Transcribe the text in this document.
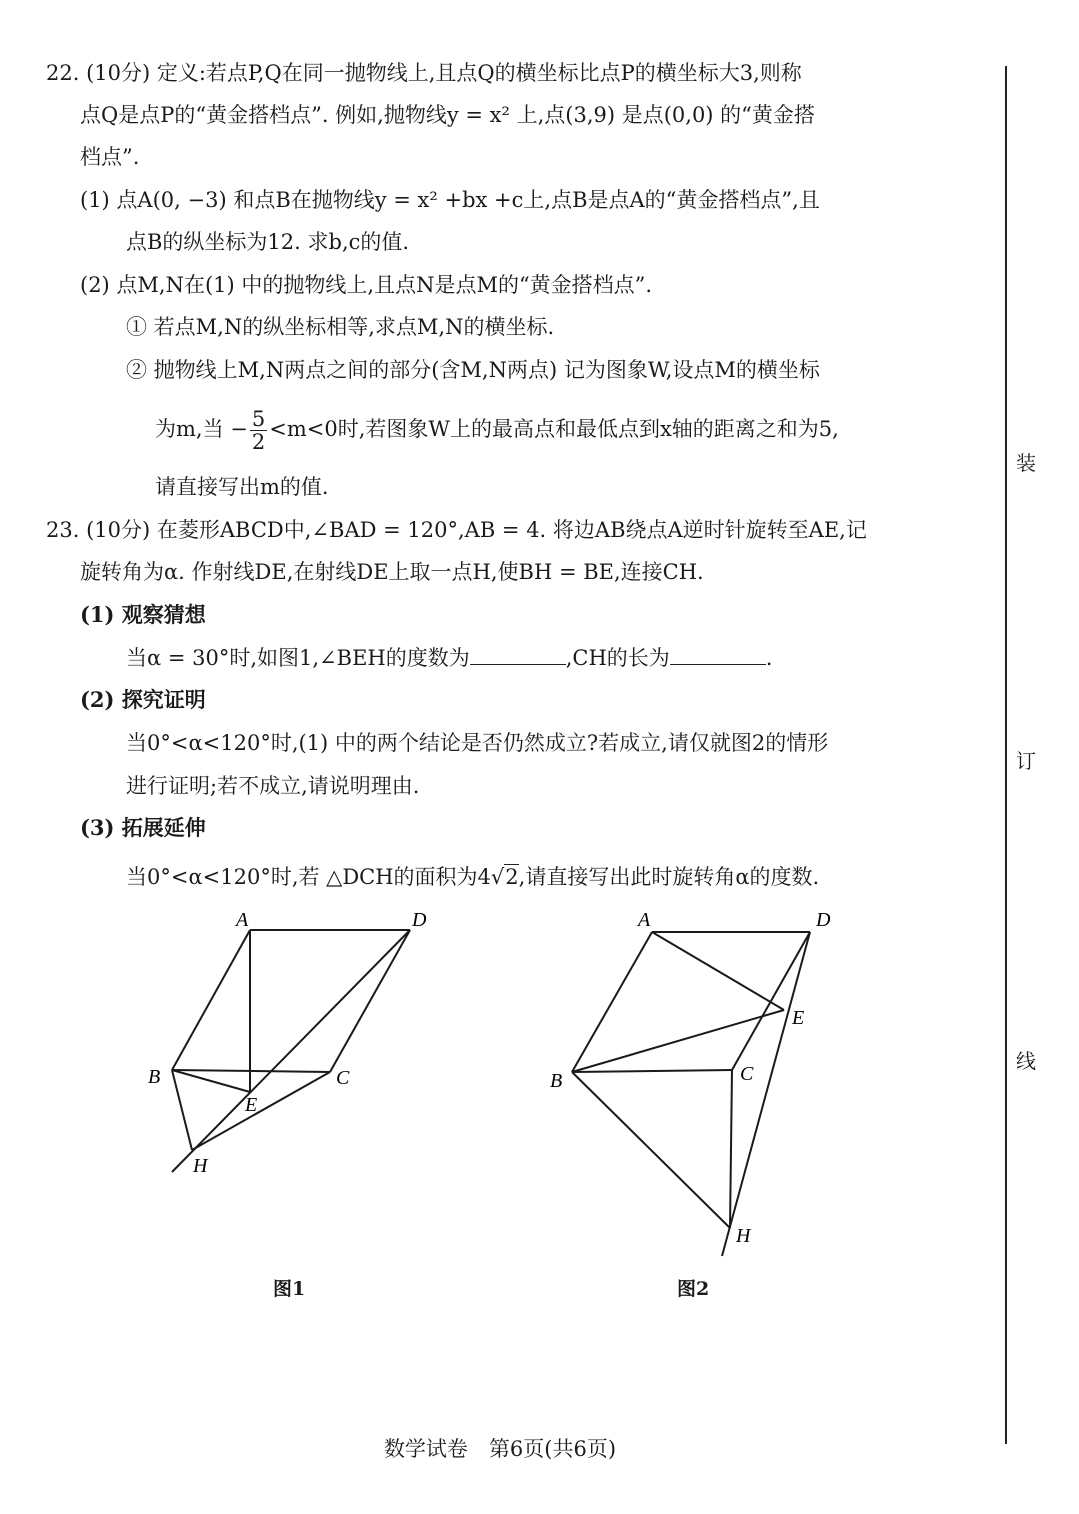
22. (10分) 定义:若点P,Q在同一抛物线上,且点Q的横坐标比点P的横坐标大3,则称
点Q是点P的“黄金搭档点”. 例如,抛物线y = x² 上,点(3,9) 是点(0,0) 的“黄金搭
档点”.
(1) 点A(0, −3) 和点B在抛物线y = x² +bx +c上,点B是点A的“黄金搭档点”,且
点B的纵坐标为12. 求b,c的值.
(2) 点M,N在(1) 中的抛物线上,且点N是点M的“黄金搭档点”.
① 若点M,N的纵坐标相等,求点M,N的横坐标.
② 抛物线上M,N两点之间的部分(含M,N两点) 记为图象W,设点M的横坐标
为m,当 − $\frac{5}{2} <m<0$时,若图象W上的最高点和最低点到x轴的距离之和为5,
请直接写出m的值.
23. (10分) 在菱形ABCD中,∠BAD = 120°,AB = 4. 将边AB绕点A逆时针旋转至AE,记
旋转角为α. 作射线DE,在射线DE上取一点H,使BH = BE,连接CH.
(1) 观察猜想
当α = 30°时,如图1,∠BEH的度数为	,CH的长为	.
(2) 探究证明
当0°<α<120°时,(1) 中的两个结论是否仍然成立?若成立,请仅就图2的情形
进行证明;若不成立,请说明理由.
(3) 拓展延伸
当0°<α<120°时,若 △DCH的面积为4√2,请直接写出此时旋转角α的度数.
A	D
B	C
E
H
A	D
B	C
E
H
图1	图2
装
订
线
数学试卷　第6页(共6页)
